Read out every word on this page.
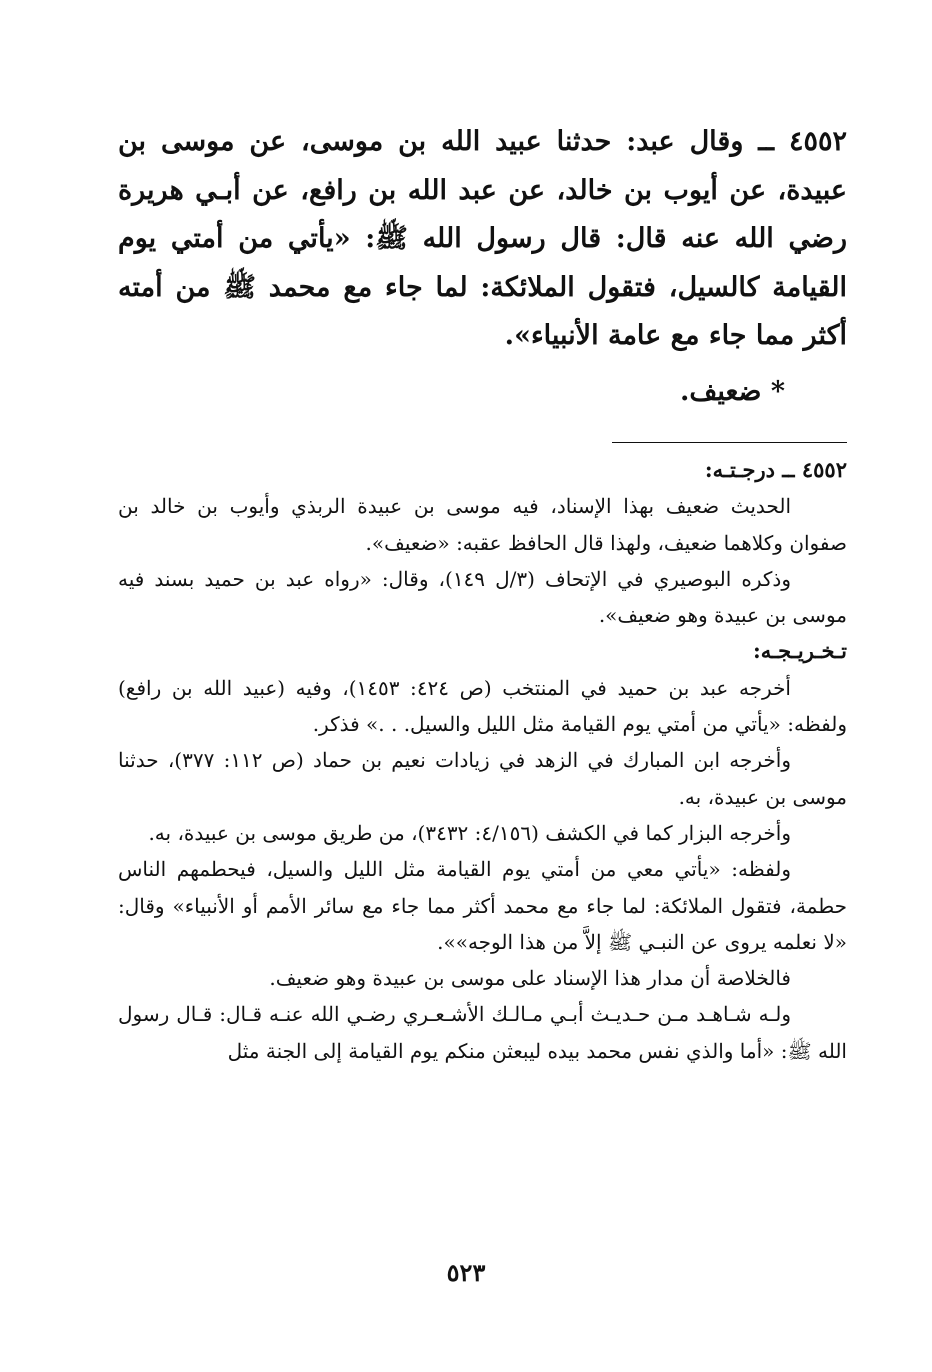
٤٥٥٢ ــ وقال عبد: حدثنا عبيد الله بن موسى، عن موسى بن عبيدة، عن أيوب بن خالد، عن عبد الله بن رافع، عن أبـي هريرة رضي الله عنه قال: قال رسول الله ﷺ: «يأتي من أمتي يوم القيامة كالسيل، فتقول الملائكة: لما جاء مع محمد ﷺ من أمته أكثر مما جاء مع عامة الأنبياء».
* ضعيف.

٤٥٥٢ ــ درجـتـه:

الحديث ضعيف بهذا الإسناد، فيه موسى بن عبيدة الربذي وأيوب بن خالد بن صفوان وكلاهما ضعيف، ولهذا قال الحافظ عقبه: «ضعيف».

وذكره البوصيري في الإتحاف (٣/ل ١٤٩)، وقال: «رواه عبد بن حميد بسند فيه موسى بن عبيدة وهو ضعيف».

تـخـريـجـه:

أخرجه عبد بن حميد في المنتخب (ص ٤٢٤: ١٤٥٣)، وفيه (عبيد الله بن رافع) ولفظه: «يأتي من أمتي يوم القيامة مثل الليل والسيل. . .» فذكر.

وأخرجه ابن المبارك في الزهد في زيادات نعيم بن حماد (ص ١١٢: ٣٧٧)، حدثنا موسى بن عبيدة، به.

وأخرجه البزار كما في الكشف (٤/١٥٦: ٣٤٣٢)، من طريق موسى بن عبيدة، به.

ولفظه: «يأتي معي من أمتي يوم القيامة مثل الليل والسيل، فيحطمهم الناس حطمة، فتقول الملائكة: لما جاء مع محمد أكثر مما جاء مع سائر الأمم أو الأنبياء» وقال: «لا نعلمه يروى عن النبـي ﷺ إلاَّ من هذا الوجه»».

فالخلاصة أن مدار هذا الإسناد على موسى بن عبيدة وهو ضعيف.

ولـه شـاهـد مـن حـديـث أبـي مـالـك الأشـعـري رضـي الله عنـه قـال: قـال رسول الله ﷺ: «أما والذي نفس محمد بيده ليبعثن منكم يوم القيامة إلى الجنة مثل

٥٢٣
